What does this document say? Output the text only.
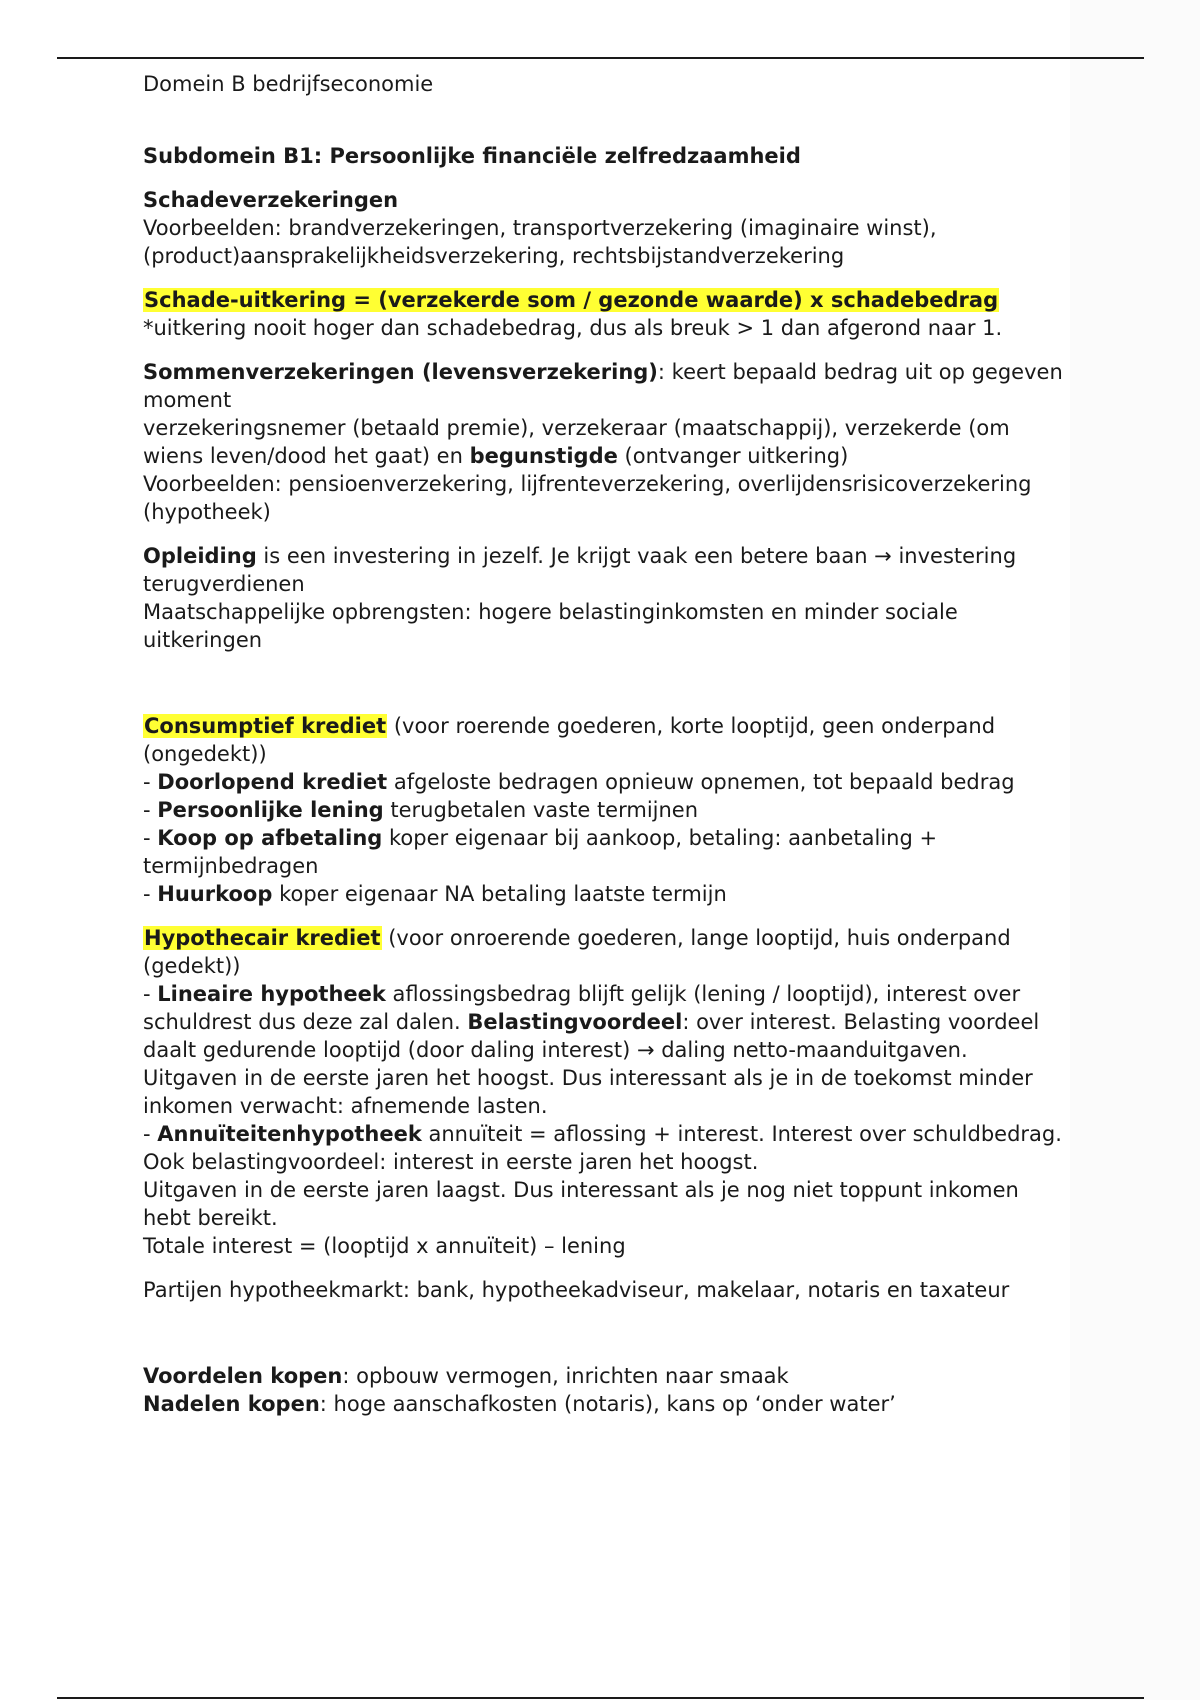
Domein B bedrijfseconomie

Subdomein B1: Persoonlijke financiële zelfredzaamheid

Schadeverzekeringen
Voorbeelden: brandverzekeringen, transportverzekering (imaginaire winst),
(product)aansprakelijkheidsverzekering, rechtsbijstandverzekering

Schade-uitkering = (verzekerde som / gezonde waarde) x schadebedrag
*uitkering nooit hoger dan schadebedrag, dus als breuk > 1 dan afgerond naar 1.

Sommenverzekeringen (levensverzekering): keert bepaald bedrag uit op gegeven moment
verzekeringsnemer (betaald premie), verzekeraar (maatschappij), verzekerde (om wiens leven/dood het gaat) en begunstigde (ontvanger uitkering)
Voorbeelden: pensioenverzekering, lijfrenteverzekering, overlijdensrisicoverzekering (hypotheek)

Opleiding is een investering in jezelf. Je krijgt vaak een betere baan → investering terugverdienen
Maatschappelijke opbrengsten: hogere belastinginkomsten en minder sociale uitkeringen

Consumptief krediet (voor roerende goederen, korte looptijd, geen onderpand (ongedekt))
- Doorlopend krediet afgeloste bedragen opnieuw opnemen, tot bepaald bedrag
- Persoonlijke lening terugbetalen vaste termijnen
- Koop op afbetaling koper eigenaar bij aankoop, betaling: aanbetaling + termijnbedragen
- Huurkoop koper eigenaar NA betaling laatste termijn

Hypothecair krediet (voor onroerende goederen, lange looptijd, huis onderpand (gedekt))
- Lineaire hypotheek aflossingsbedrag blijft gelijk (lening / looptijd), interest over schuldrest dus deze zal dalen. Belastingvoordeel: over interest. Belasting voordeel daalt gedurende looptijd (door daling interest) → daling netto-maanduitgaven.
Uitgaven in de eerste jaren het hoogst. Dus interessant als je in de toekomst minder inkomen verwacht: afnemende lasten.
- Annuïteitenhypotheek annuïteit = aflossing + interest. Interest over schuldbedrag. Ook belastingvoordeel: interest in eerste jaren het hoogst.
Uitgaven in de eerste jaren laagst. Dus interessant als je nog niet toppunt inkomen hebt bereikt.
Totale interest = (looptijd x annuïteit) – lening

Partijen hypotheekmarkt: bank, hypotheekadviseur, makelaar, notaris en taxateur

Voordelen kopen: opbouw vermogen, inrichten naar smaak
Nadelen kopen: hoge aanschafkosten (notaris), kans op ‘onder water’
